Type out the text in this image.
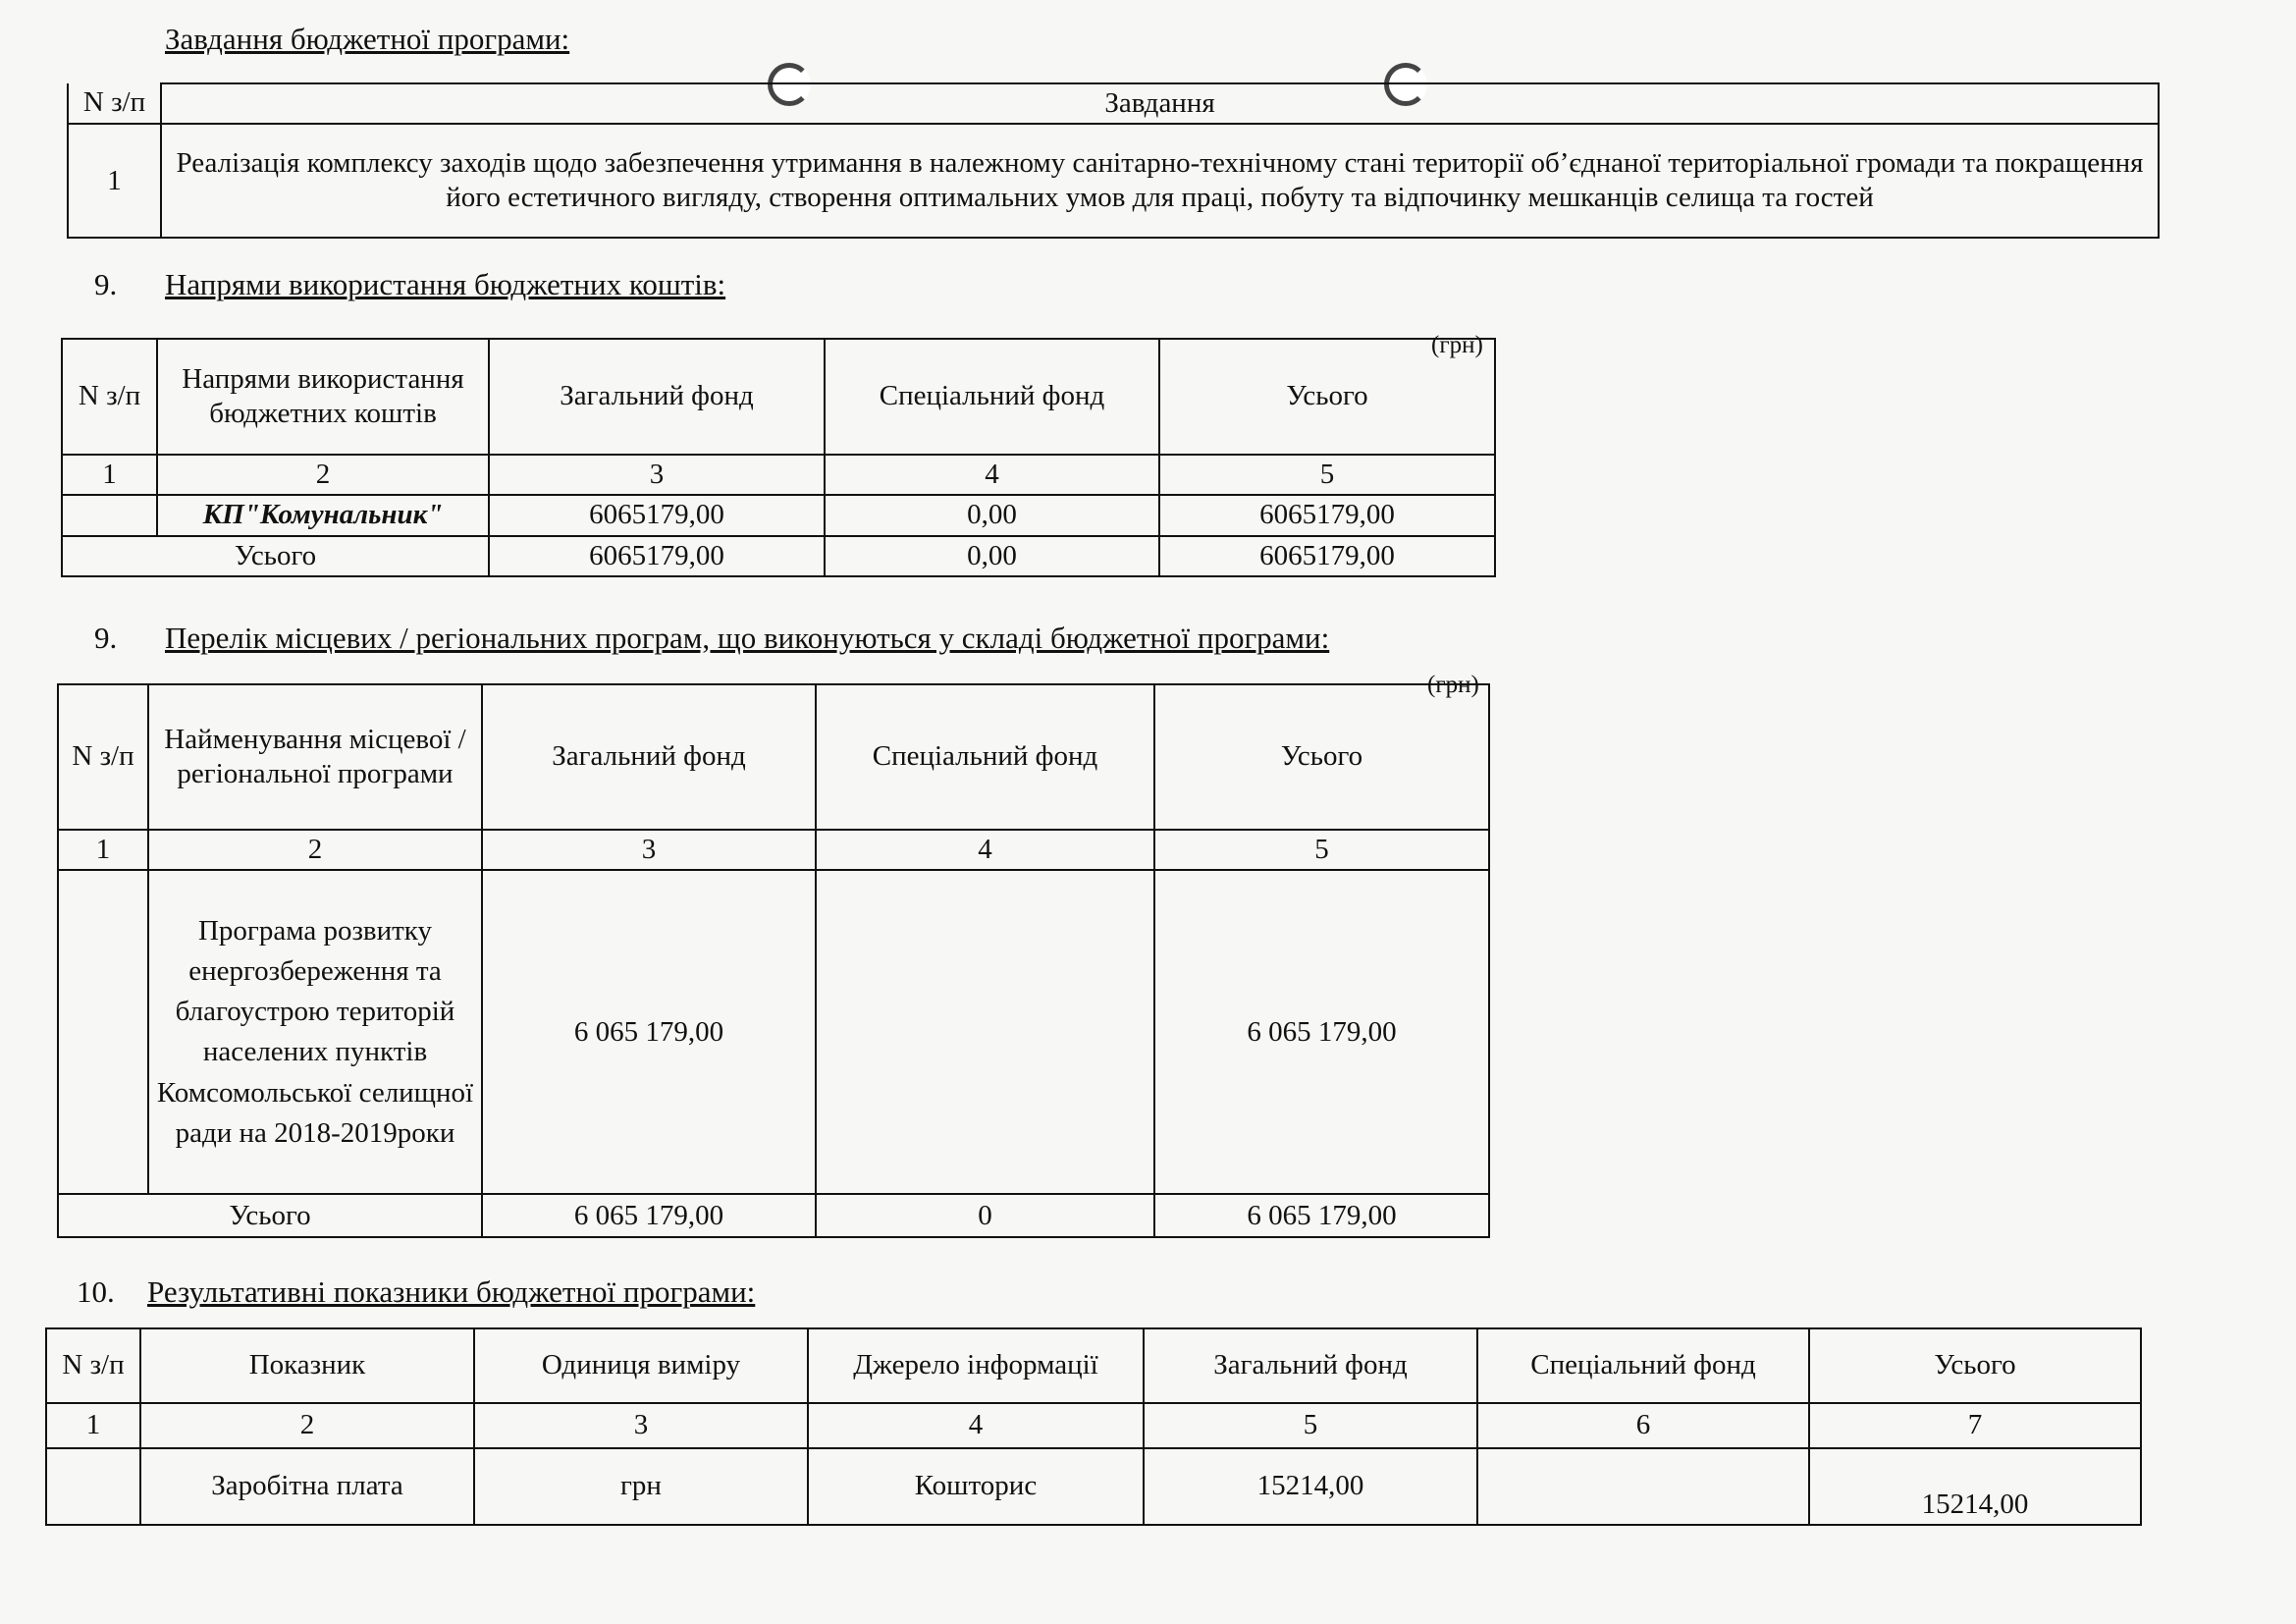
Завдання бюджетної програми:
N з/п	Завдання
1	Реалізація комплексу заходів щодо забезпечення утримання в належному санітарно-технічному стані території об’єднаної територіальної громади та покращення його естетичного вигляду, створення оптимальних умов для праці, побуту та відпочинку мешканців селища та гостей
9. Напрями використання бюджетних коштів:
(грн)
N з/п	Напрями використання бюджетних коштів	Загальний фонд	Спеціальний фонд	Усього
1	2	3	4	5
	КП"Комунальник"	6065179,00	0,00	6065179,00
Усього		6065179,00	0,00	6065179,00
9. Перелік місцевих / регіональних програм, що виконуються у складі бюджетної програми:
(грн)
N з/п	Найменування місцевої / регіональної програми	Загальний фонд	Спеціальний фонд	Усього
1	2	3	4	5
	Програма розвитку енергозбереження та благоустрою територій населених пунктів Комсомольської селищної ради на 2018-2019роки	6 065 179,00		6 065 179,00
Усього		6 065 179,00	0	6 065 179,00
10. Результативні показники бюджетної програми:
N з/п	Показник	Одиниця виміру	Джерело інформації	Загальний фонд	Спеціальний фонд	Усього
1	2	3	4	5	6	7
	Заробітна плата	грн	Кошторис	15214,00		15214,00
